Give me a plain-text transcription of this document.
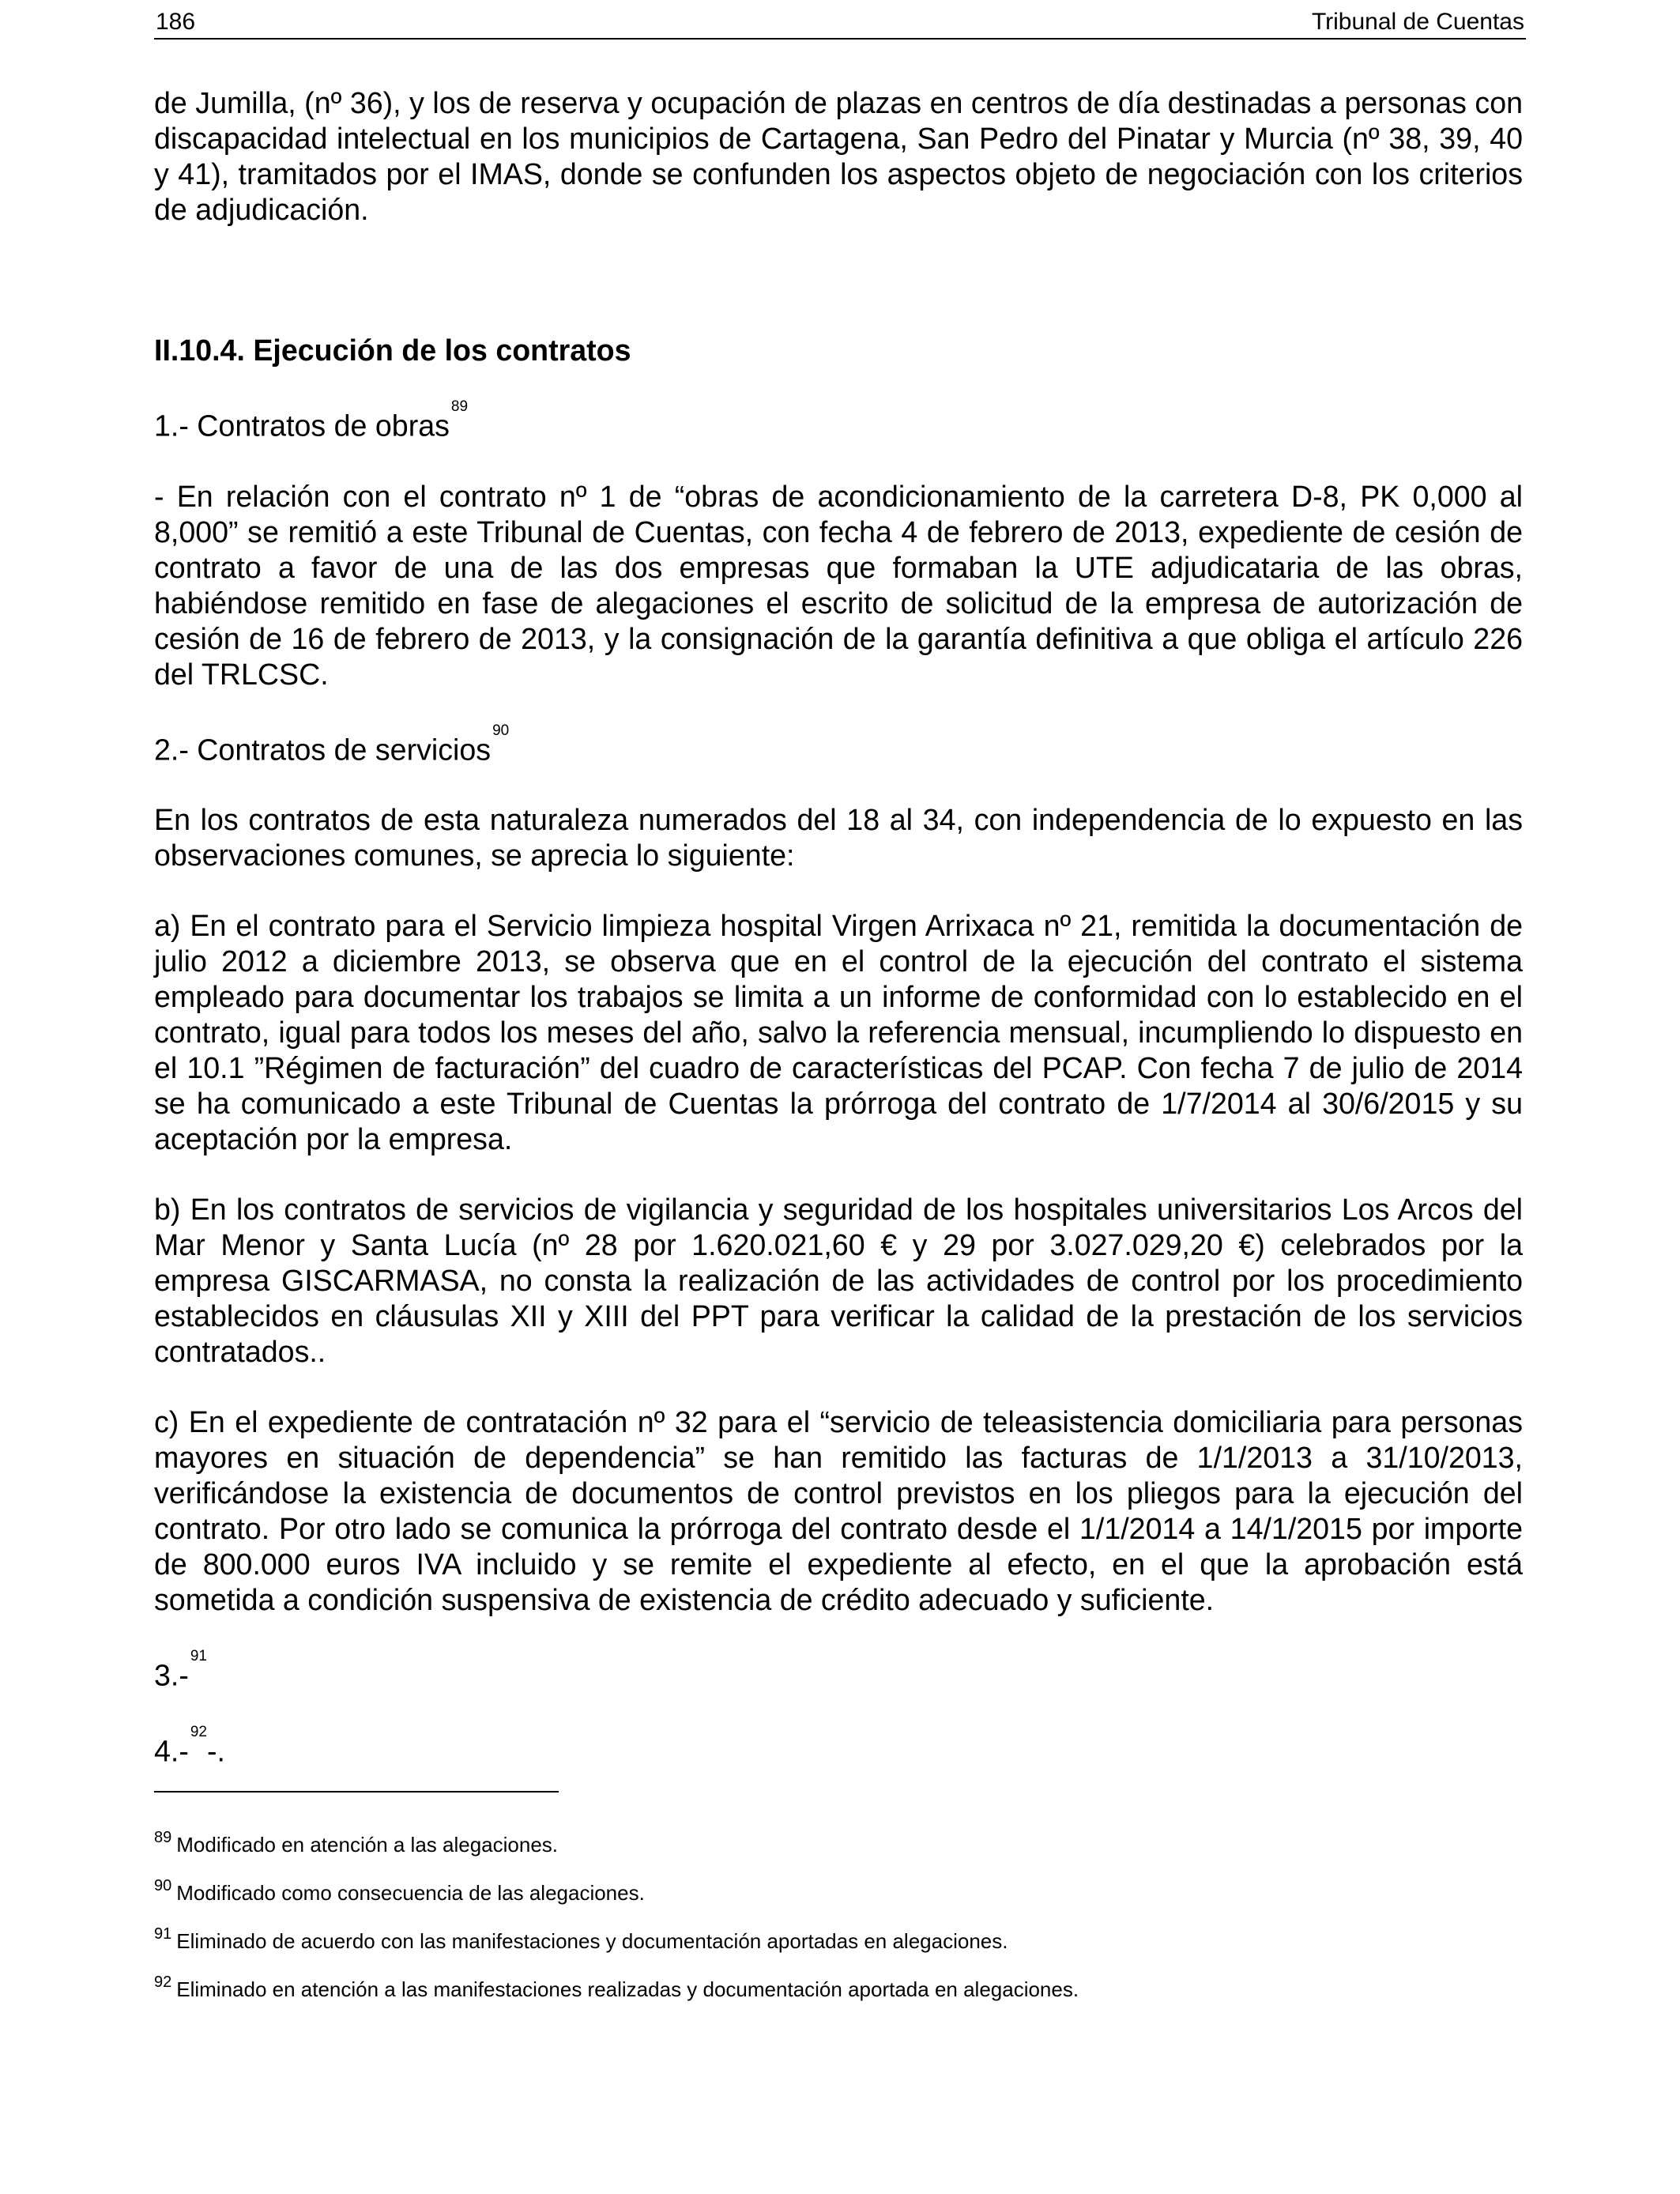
186	Tribunal de Cuentas

de Jumilla, (nº 36), y los de reserva y ocupación de plazas en centros de día destinadas a personas con discapacidad intelectual en los municipios de Cartagena, San Pedro del Pinatar y Murcia (nº 38, 39, 40 y 41), tramitados por el IMAS, donde se confunden los aspectos objeto de negociación con los criterios de adjudicación.

II.10.4. Ejecución de los contratos

1.- Contratos de obras$^{89}$

- En relación con el contrato nº 1 de “obras de acondicionamiento de la carretera D-8, PK 0,000 al 8,000” se remitió a este Tribunal de Cuentas, con fecha 4 de febrero de 2013, expediente de cesión de contrato a favor de una de las dos empresas que formaban la UTE adjudicataria de las obras, habiéndose remitido en fase de alegaciones el escrito de solicitud de la empresa de autorización de cesión de 16 de febrero de 2013, y la consignación de la garantía definitiva a que obliga el artículo 226 del TRLCSC.

2.- Contratos de servicios$^{90}$

En los contratos de esta naturaleza numerados del 18 al 34, con independencia de lo expuesto en las observaciones comunes, se aprecia lo siguiente:

a) En el contrato para el Servicio limpieza hospital Virgen Arrixaca nº 21, remitida la documentación de julio 2012 a diciembre 2013, se observa que en el control de la ejecución del contrato el sistema empleado para documentar los trabajos se limita a un informe de conformidad con lo establecido en el contrato, igual para todos los meses del año, salvo la referencia mensual, incumpliendo lo dispuesto en el 10.1 ”Régimen de facturación” del cuadro de características del PCAP. Con fecha 7 de julio de 2014 se ha comunicado a este Tribunal de Cuentas la prórroga del contrato de 1/7/2014 al 30/6/2015 y su aceptación por la empresa.

b) En los contratos de servicios de vigilancia y seguridad de los hospitales universitarios Los Arcos del Mar Menor y Santa Lucía (nº 28 por 1.620.021,60 € y 29 por 3.027.029,20 €) celebrados por la empresa GISCARMASA, no consta la realización de las actividades de control por los procedimiento establecidos en cláusulas XII y XIII del PPT para verificar la calidad de la prestación de los servicios contratados..

c) En el expediente de contratación nº 32 para el “servicio de teleasistencia domiciliaria para personas mayores en situación de dependencia” se han remitido las facturas de 1/1/2013 a 31/10/2013, verificándose la existencia de documentos de control previstos en los pliegos para la ejecución del contrato. Por otro lado se comunica la prórroga del contrato desde el 1/1/2014 a 14/1/2015 por importe de 800.000 euros IVA incluido y se remite el expediente al efecto, en el que la aprobación está sometida a condición suspensiva de existencia de crédito adecuado y suficiente.

3.-$^{91}$

4.-$^{92}$-.

$^{89}$ Modificado en atención a las alegaciones.

$^{90}$ Modificado como consecuencia de las alegaciones.

$^{91}$ Eliminado de acuerdo con las manifestaciones y documentación aportadas en alegaciones.

$^{92}$ Eliminado en atención a las manifestaciones realizadas y documentación aportada en alegaciones.
